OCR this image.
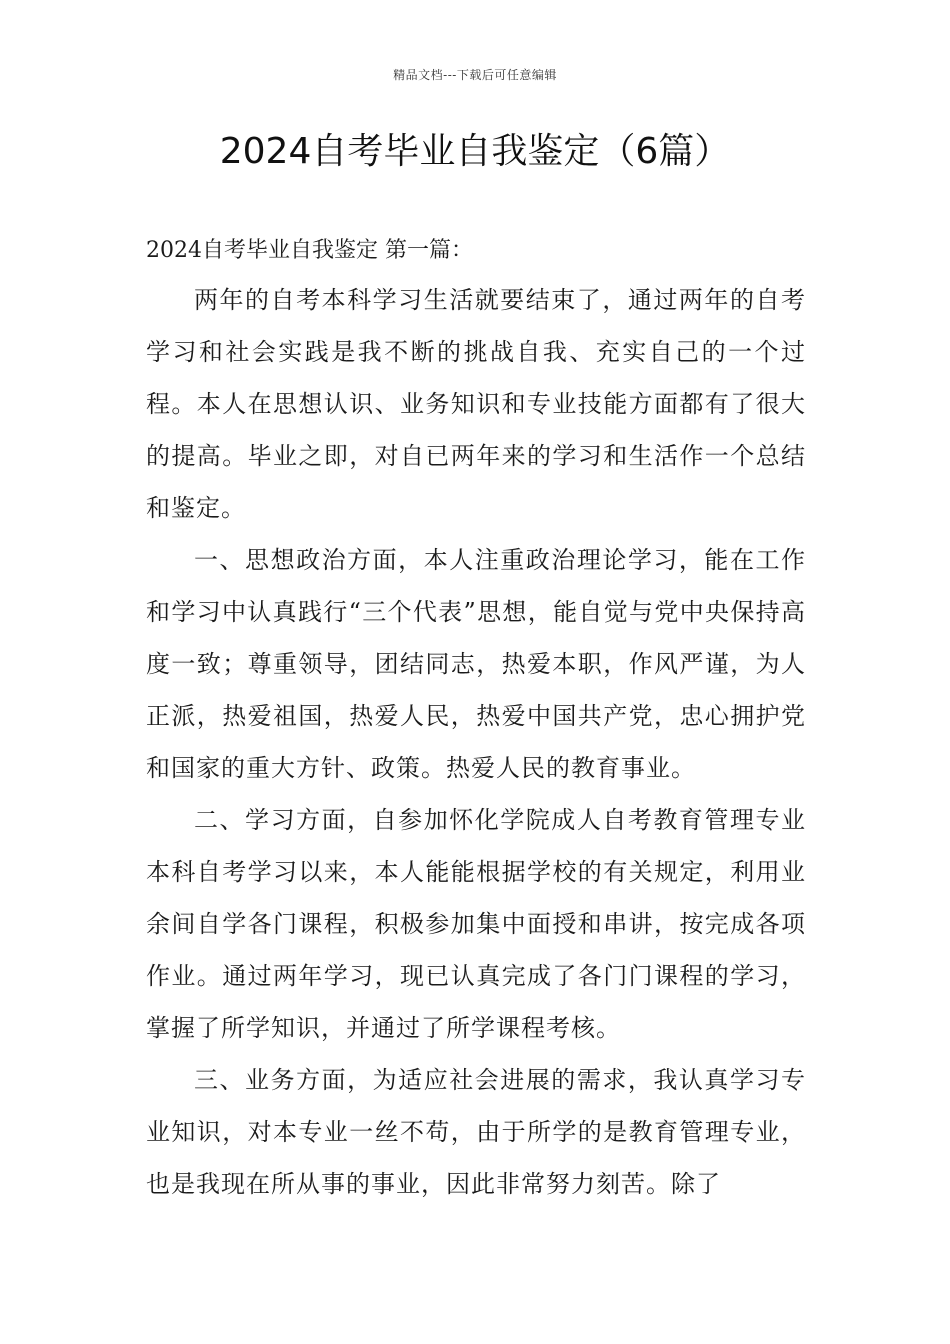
精品文档---下载后可任意编辑
2024自考毕业自我鉴定（6篇）

2024自考毕业自我鉴定 第一篇：

两年的自考本科学习生活就要结束了，通过两年的自考学习和社会实践是我不断的挑战自我、充实自己的一个过程。本人在思想认识、业务知识和专业技能方面都有了很大的提高。毕业之即，对自已两年来的学习和生活作一个总结和鉴定。

一、思想政治方面，本人注重政治理论学习，能在工作和学习中认真践行“三个代表”思想，能自觉与党中央保持高度一致；尊重领导，团结同志，热爱本职，作风严谨，为人正派，热爱祖国，热爱人民，热爱中国共产党，忠心拥护党和国家的重大方针、政策。热爱人民的教育事业。

二、学习方面，自参加怀化学院成人自考教育管理专业本科自考学习以来，本人能能根据学校的有关规定，利用业余间自学各门课程，积极参加集中面授和串讲，按完成各项作业。通过两年学习，现已认真完成了各门门课程的学习，掌握了所学知识，并通过了所学课程考核。

三、业务方面，为适应社会进展的需求，我认真学习专业知识，对本专业一丝不苟，由于所学的是教育管理专业，也是我现在所从事的事业，因此非常努力刻苦。除了
